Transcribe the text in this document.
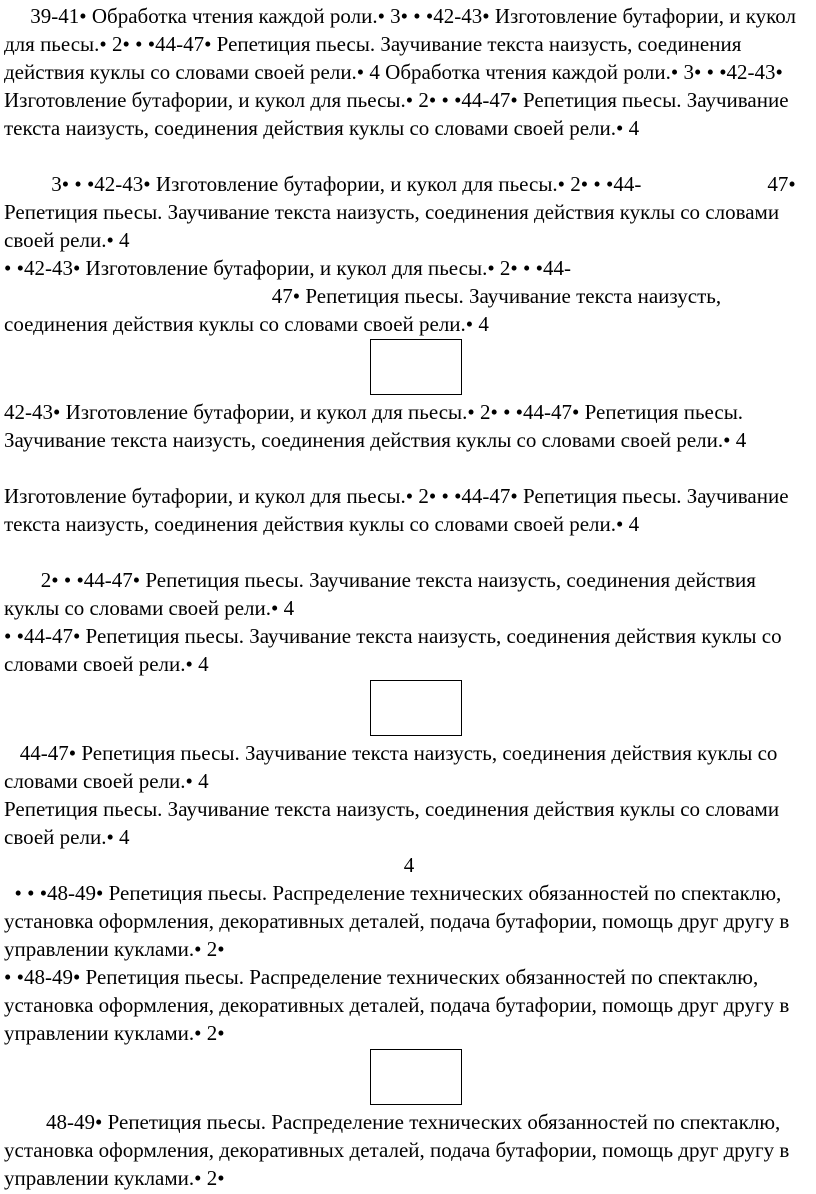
39-41• Обработка чтения каждой роли.• 3• • •42-43• Изготовление бутафории, и кукол для пьесы.• 2• • •44-47• Репетиция пьесы. Заучивание текста наизусть, соединения действия куклы со словами своей рели.• 4 Обработка чтения каждой роли.• 3• • •42-43• Изготовление бутафории, и кукол для пьесы.• 2• • •44-47• Репетиция пьесы. Заучивание текста наизусть, соединения действия куклы со словами своей рели.• 4

3• • •42-43• Изготовление бутафории, и кукол для пьесы.• 2• • •44-                        47• Репетиция пьесы. Заучивание текста наизусть, соединения действия куклы со словами своей рели.• 4

• •42-43• Изготовление бутафории, и кукол для пьесы.• 2• • •44-                                                   47• Репетиция пьесы. Заучивание текста наизусть, соединения действия куклы со словами своей рели.• 4

42-43• Изготовление бутафории, и кукол для пьесы.• 2• • •44-47• Репетиция пьесы. Заучивание текста наизусть, соединения действия куклы со словами своей рели.• 4

Изготовление бутафории, и кукол для пьесы.• 2• • •44-47• Репетиция пьесы. Заучивание текста наизусть, соединения действия куклы со словами своей рели.• 4

2• • •44-47• Репетиция пьесы. Заучивание текста наизусть, соединения действия куклы со словами своей рели.• 4

• •44-47• Репетиция пьесы. Заучивание текста наизусть, соединения действия куклы со словами своей рели.• 4

44-47• Репетиция пьесы. Заучивание текста наизусть, соединения действия куклы со словами своей рели.• 4

Репетиция пьесы. Заучивание текста наизусть, соединения действия куклы со словами своей рели.• 4

4

• • •48-49• Репетиция пьесы. Распределение технических обязанностей по спектаклю, установка оформления, декоративных деталей, подача бутафории, помощь друг другу в управлении куклами.• 2•

• •48-49• Репетиция пьесы. Распределение технических обязанностей по спектаклю, установка оформления, декоративных деталей, подача бутафории, помощь друг другу в управлении куклами.• 2•

48-49• Репетиция пьесы. Распределение технических обязанностей по спектаклю, установка оформления, декоративных деталей, подача бутафории, помощь друг другу в управлении куклами.• 2•
